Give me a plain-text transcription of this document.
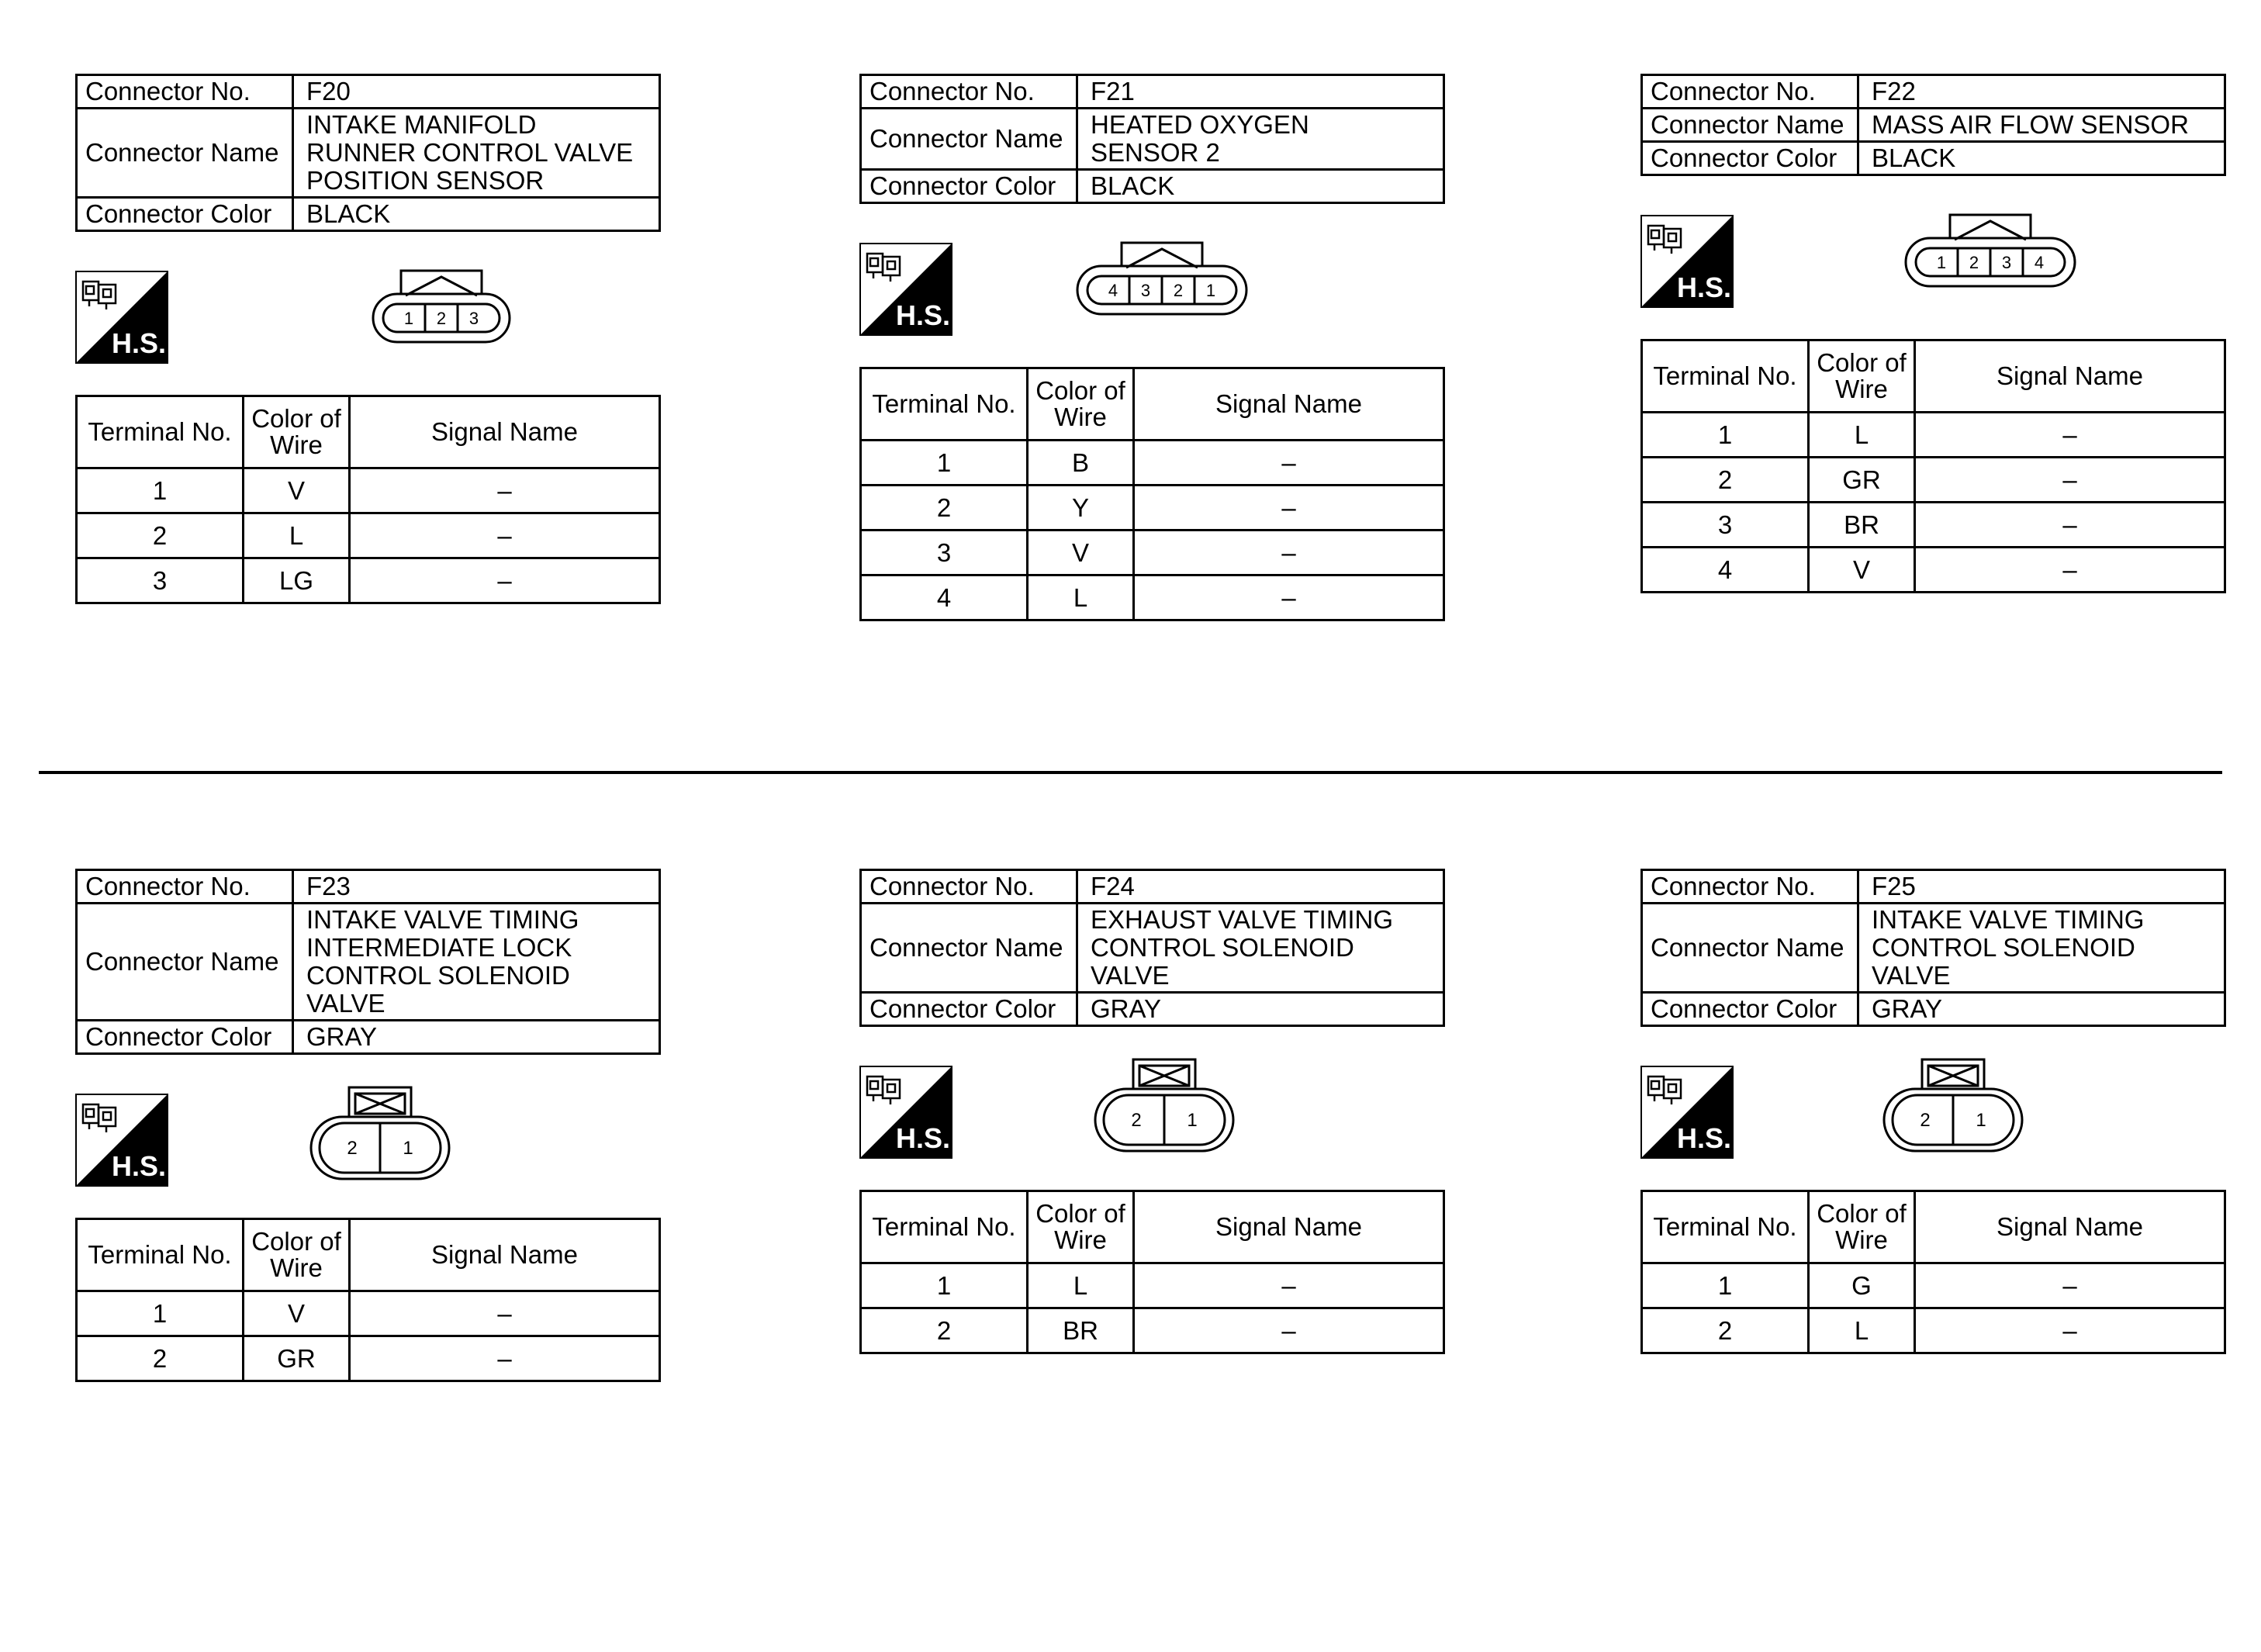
Connector No.	F20
Connector Name	INTAKE MANIFOLD
RUNNER CONTROL VALVE
POSITION SENSOR

Connector Color	BLACK
H.S.
1 2 3
Terminal No.	Color of Wire	Signal Name
1	V	–
2	L	–
3	LG	–
Connector No.	F21
Connector Name	HEATED OXYGEN
SENSOR 2

Connector Color	BLACK
H.S.
4 3 2 1
Terminal No.	Color of Wire	Signal Name
1	B	–
2	Y	–
3	V	–
4	L	–
Connector No.	F22
Connector Name	MASS AIR FLOW SENSOR

Connector Color	BLACK
H.S.
1 2 3 4
Terminal No.	Color of Wire	Signal Name
1	L	–
2	GR	–
3	BR	–
4	V	–
Connector No.	F23
Connector Name	INTAKE VALVE TIMING
INTERMEDIATE LOCK
CONTROL SOLENOID VALVE

Connector Color	GRAY
H.S.
2 1
Terminal No.	Color of Wire	Signal Name
1	V	–
2	GR	–
Connector No.	F24
Connector Name	EXHAUST VALVE TIMING
CONTROL SOLENOID
VALVE

Connector Color	GRAY
H.S.
2 1
Terminal No.	Color of Wire	Signal Name
1	L	–
2	BR	–
Connector No.	F25
Connector Name	INTAKE VALVE TIMING
CONTROL SOLENOID
VALVE

Connector Color	GRAY
H.S.
2 1
Terminal No.	Color of Wire	Signal Name
1	G	–
2	L	–
